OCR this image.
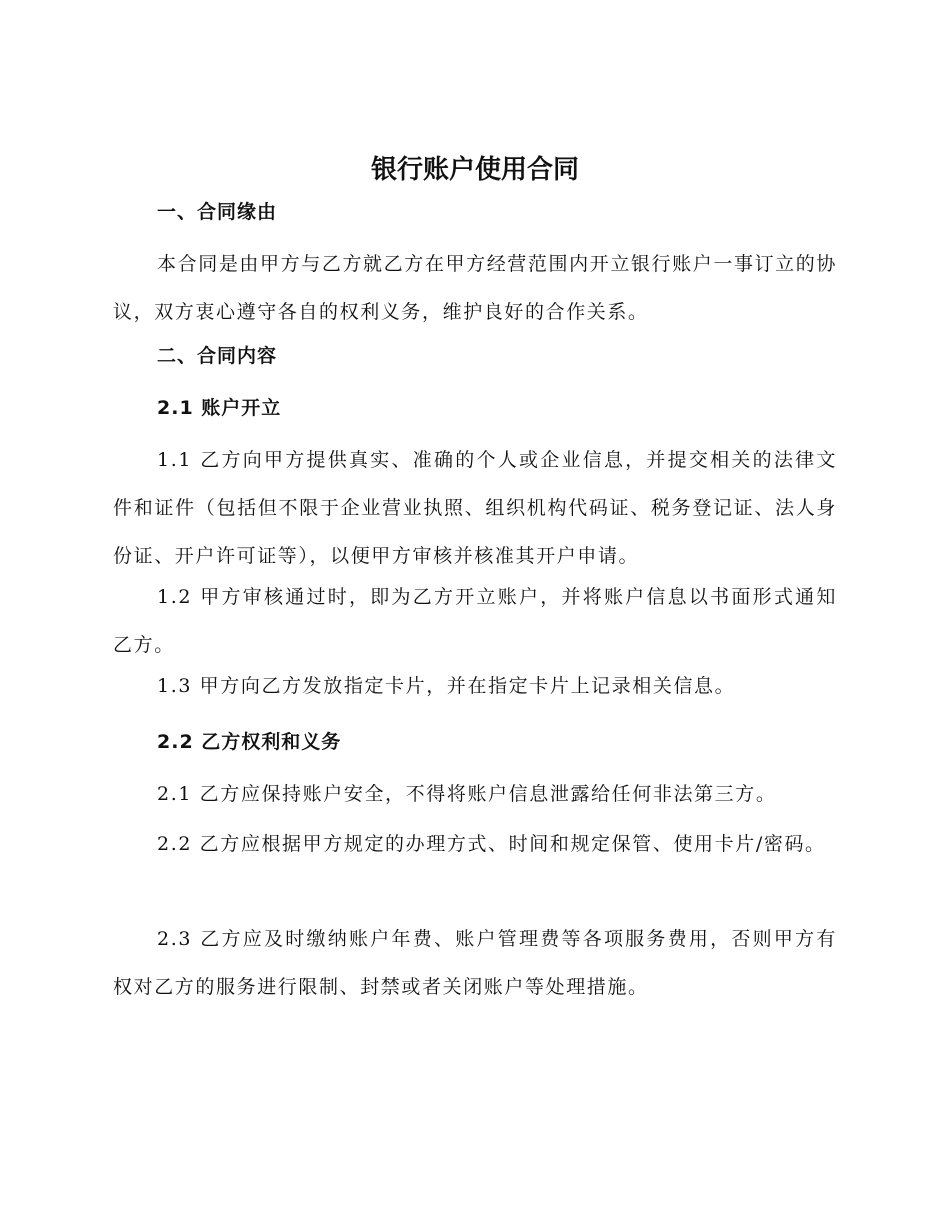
银行账户使用合同
一、合同缘由

本合同是由甲方与乙方就乙方在甲方经营范围内开立银行账户一事订立的协议，双方衷心遵守各自的权利义务，维护良好的合作关系。

二、合同内容
2.1 账户开立

1.1 乙方向甲方提供真实、准确的个人或企业信息，并提交相关的法律文件和证件（包括但不限于企业营业执照、组织机构代码证、税务登记证、法人身份证、开户许可证等），以便甲方审核并核准其开户申请。

1.2 甲方审核通过时，即为乙方开立账户，并将账户信息以书面形式通知乙方。

1.3 甲方向乙方发放指定卡片，并在指定卡片上记录相关信息。

2.2 乙方权利和义务

2.1 乙方应保持账户安全，不得将账户信息泄露给任何非法第三方。

2.2 乙方应根据甲方规定的办理方式、时间和规定保管、使用卡片/密码。

2.3 乙方应及时缴纳账户年费、账户管理费等各项服务费用，否则甲方有权对乙方的服务进行限制、封禁或者关闭账户等处理措施。
